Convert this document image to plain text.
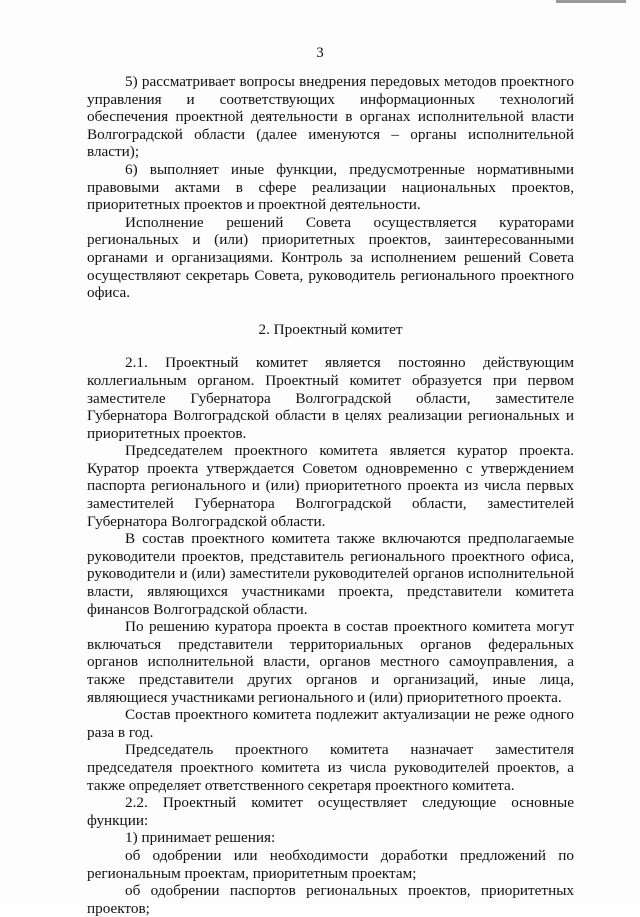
3

5) рассматривает вопросы внедрения передовых методов проектного управления и соответствующих информационных технологий обеспечения проектной деятельности в органах исполнительной власти Волгоградской области (далее именуются – органы исполнительной власти);

6) выполняет иные функции, предусмотренные нормативными правовыми актами в сфере реализации национальных проектов, приоритетных проектов и проектной деятельности.

Исполнение решений Совета осуществляется кураторами региональных и (или) приоритетных проектов, заинтересованными органами и организациями. Контроль за исполнением решений Совета осуществляют секретарь Совета, руководитель регионального проектного офиса.

2. Проектный комитет

2.1. Проектный комитет является постоянно действующим коллегиальным органом. Проектный комитет образуется при первом заместителе Губернатора Волгоградской области, заместителе Губернатора Волгоградской области в целях реализации региональных и приоритетных проектов.

Председателем проектного комитета является куратор проекта. Куратор проекта утверждается Советом одновременно с утверждением паспорта регионального и (или) приоритетного проекта из числа первых заместителей Губернатора Волгоградской области, заместителей Губернатора Волгоградской области.

В состав проектного комитета также включаются предполагаемые руководители проектов, представитель регионального проектного офиса, руководители и (или) заместители руководителей органов исполнительной власти, являющихся участниками проекта, представители комитета финансов Волгоградской области.

По решению куратора проекта в состав проектного комитета могут включаться представители территориальных органов федеральных органов исполнительной власти, органов местного самоуправления, а также представители других органов и организаций, иные лица, являющиеся участниками регионального и (или) приоритетного проекта.

Состав проектного комитета подлежит актуализации не реже одного раза в год.

Председатель проектного комитета назначает заместителя председателя проектного комитета из числа руководителей проектов, а также определяет ответственного секретаря проектного комитета.

2.2. Проектный комитет осуществляет следующие основные функции:

1) принимает решения:

об одобрении или необходимости доработки предложений по региональным проектам, приоритетным проектам;

об одобрении паспортов региональных проектов, приоритетных проектов;
